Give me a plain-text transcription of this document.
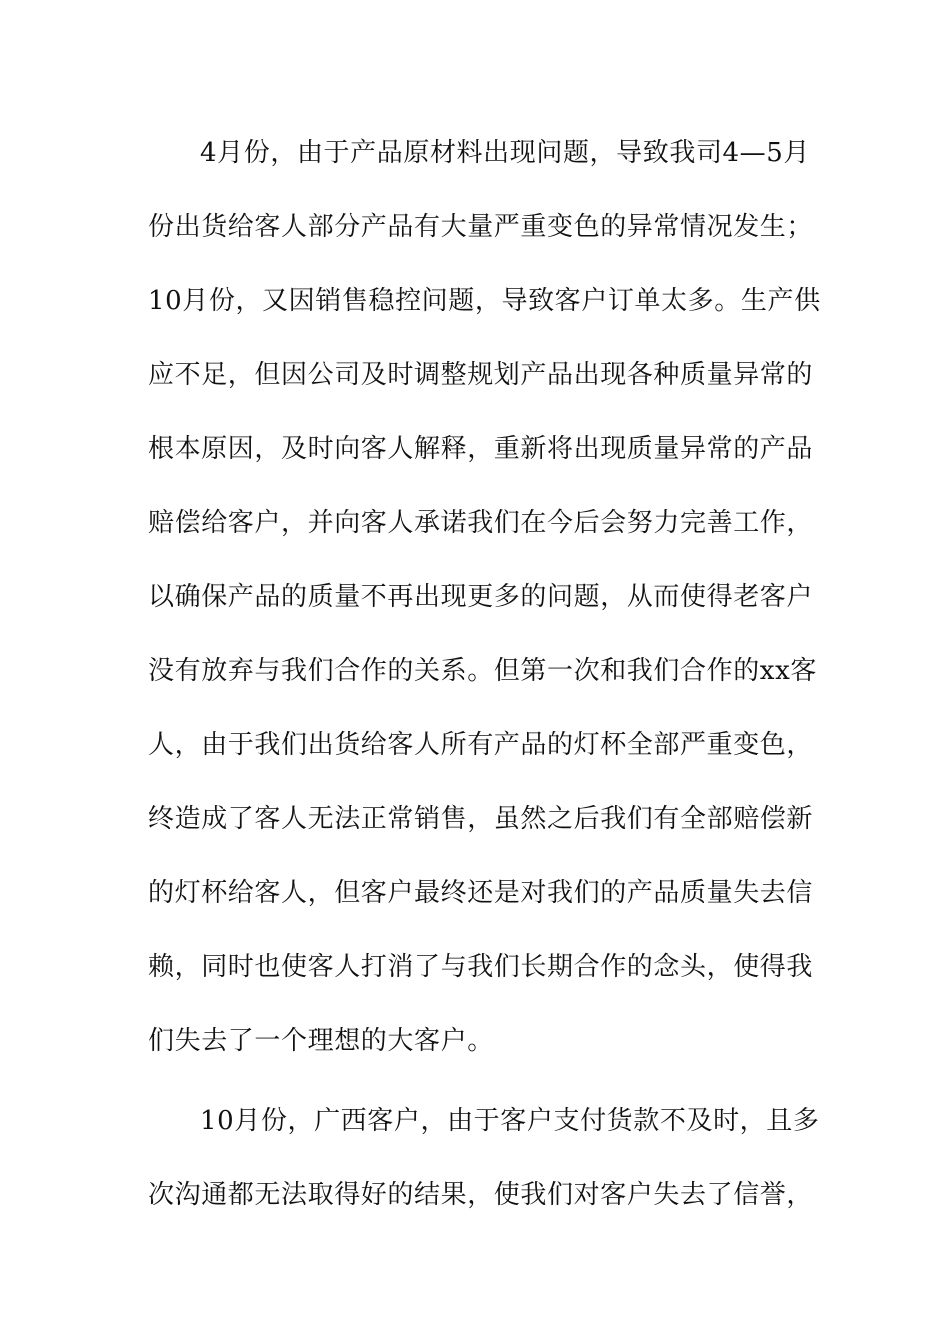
4月份，由于产品原材料出现问题，导致我司4—5月
份出货给客人部分产品有大量严重变色的异常情况发生；
10月份，又因销售稳控问题，导致客户订单太多。生产供
应不足，但因公司及时调整规划产品出现各种质量异常的
根本原因，及时向客人解释，重新将出现质量异常的产品
赔偿给客户，并向客人承诺我们在今后会努力完善工作，
以确保产品的质量不再出现更多的问题，从而使得老客户
没有放弃与我们合作的关系。但第一次和我们合作的xx客
人，由于我们出货给客人所有产品的灯杯全部严重变色，
终造成了客人无法正常销售，虽然之后我们有全部赔偿新
的灯杯给客人，但客户最终还是对我们的产品质量失去信
赖，同时也使客人打消了与我们长期合作的念头，使得我
们失去了一个理想的大客户。
10月份，广西客户，由于客户支付货款不及时，且多
次沟通都无法取得好的结果，使我们对客户失去了信誉，
